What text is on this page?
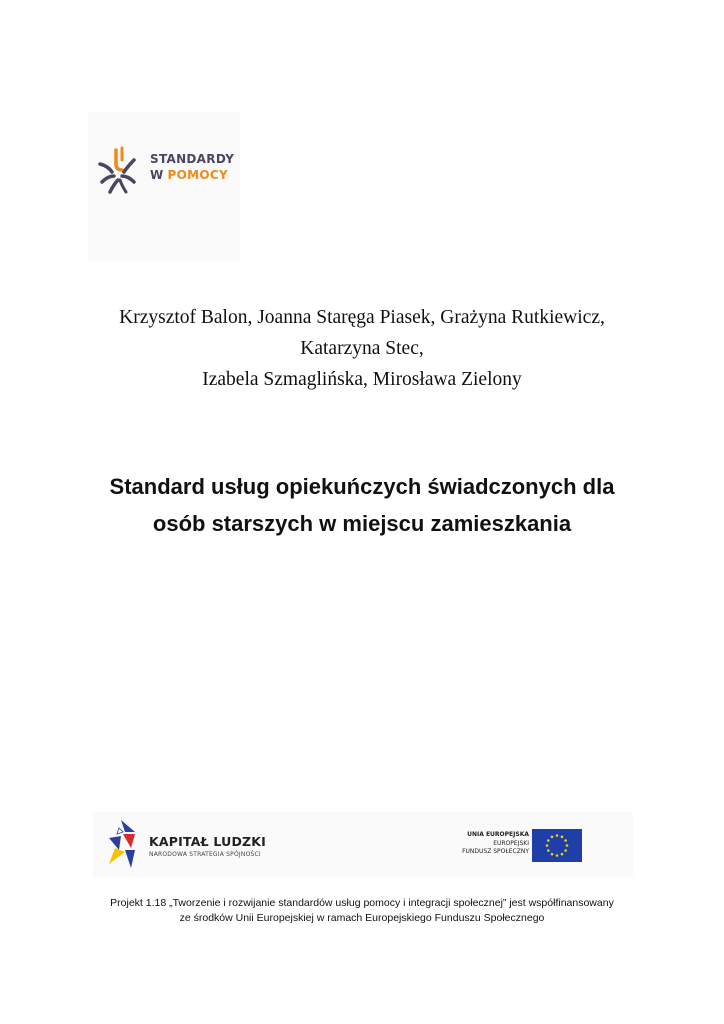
STANDARDY
W POMOCY
Krzysztof Balon, Joanna Staręga Piasek, Grażyna Rutkiewicz,
Katarzyna Stec,
Izabela Szmaglińska, Mirosława Zielony
Standard usług opiekuńczych świadczonych dla
osób starszych w miejscu zamieszkania
KAPITAŁ LUDZKI
NARODOWA STRATEGIA SPÓJNOŚCI
UNIA EUROPEJSKA
EUROPEJSKI
FUNDUSZ SPOŁECZNY
Projekt 1.18 „Tworzenie i rozwijanie standardów usług pomocy i integracji społecznej” jest współfinansowany
ze środków Unii Europejskiej w ramach Europejskiego Funduszu Społecznego
